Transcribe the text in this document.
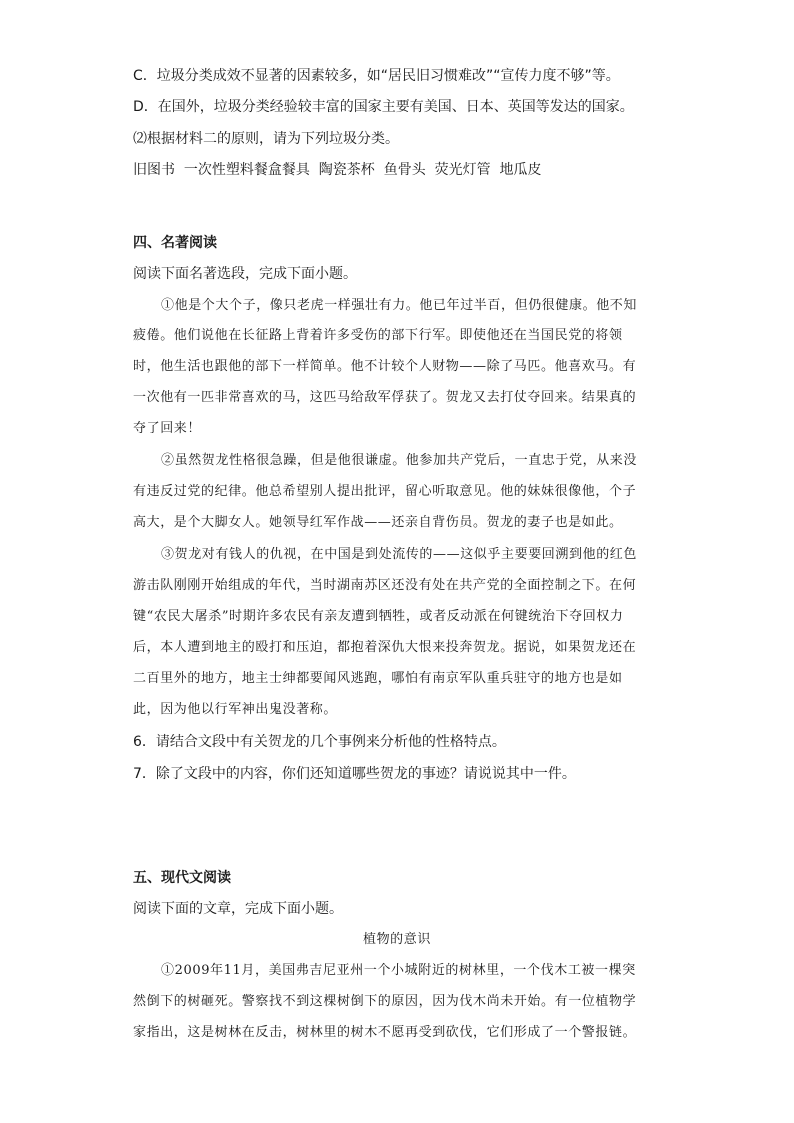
C．垃圾分类成效不显著的因素较多，如“居民旧习惯难改”“宣传力度不够”等。
D．在国外，垃圾分类经验较丰富的国家主要有美国、日本、英国等发达的国家。
⑵根据材料二的原则，请为下列垃圾分类。
旧图书  一次性塑料餐盒餐具  陶瓷茶杯  鱼骨头  荧光灯管  地瓜皮
四、名著阅读
阅读下面名著选段，完成下面小题。
①他是个大个子，像只老虎一样强壮有力。他已年过半百，但仍很健康。他不知
疲倦。他们说他在长征路上背着许多受伤的部下行军。即使他还在当国民党的将领
时，他生活也跟他的部下一样简单。他不计较个人财物——除了马匹。他喜欢马。有
一次他有一匹非常喜欢的马，这匹马给敌军俘获了。贺龙又去打仗夺回来。结果真的
夺了回来！
②虽然贺龙性格很急躁，但是他很谦虚。他参加共产党后，一直忠于党，从来没
有违反过党的纪律。他总希望别人提出批评，留心听取意见。他的妹妹很像他，个子
高大，是个大脚女人。她领导红军作战——还亲自背伤员。贺龙的妻子也是如此。
③贺龙对有钱人的仇视，在中国是到处流传的——这似乎主要要回溯到他的红色
游击队刚刚开始组成的年代，当时湖南苏区还没有处在共产党的全面控制之下。在何
键“农民大屠杀”时期许多农民有亲友遭到牺牲，或者反动派在何键统治下夺回权力
后，本人遭到地主的殴打和压迫，都抱着深仇大恨来投奔贺龙。据说，如果贺龙还在
二百里外的地方，地主士绅都要闻风逃跑，哪怕有南京军队重兵驻守的地方也是如
此，因为他以行军神出鬼没著称。
6．请结合文段中有关贺龙的几个事例来分析他的性格特点。
7．除了文段中的内容，你们还知道哪些贺龙的事迹？请说说其中一件。
五、现代文阅读
阅读下面的文章，完成下面小题。
植物的意识
①2009年11月，美国弗吉尼亚州一个小城附近的树林里，一个伐木工被一棵突
然倒下的树砸死。警察找不到这棵树倒下的原因，因为伐木尚未开始。有一位植物学
家指出，这是树林在反击，树林里的树木不愿再受到砍伐，它们形成了一个警报链。
